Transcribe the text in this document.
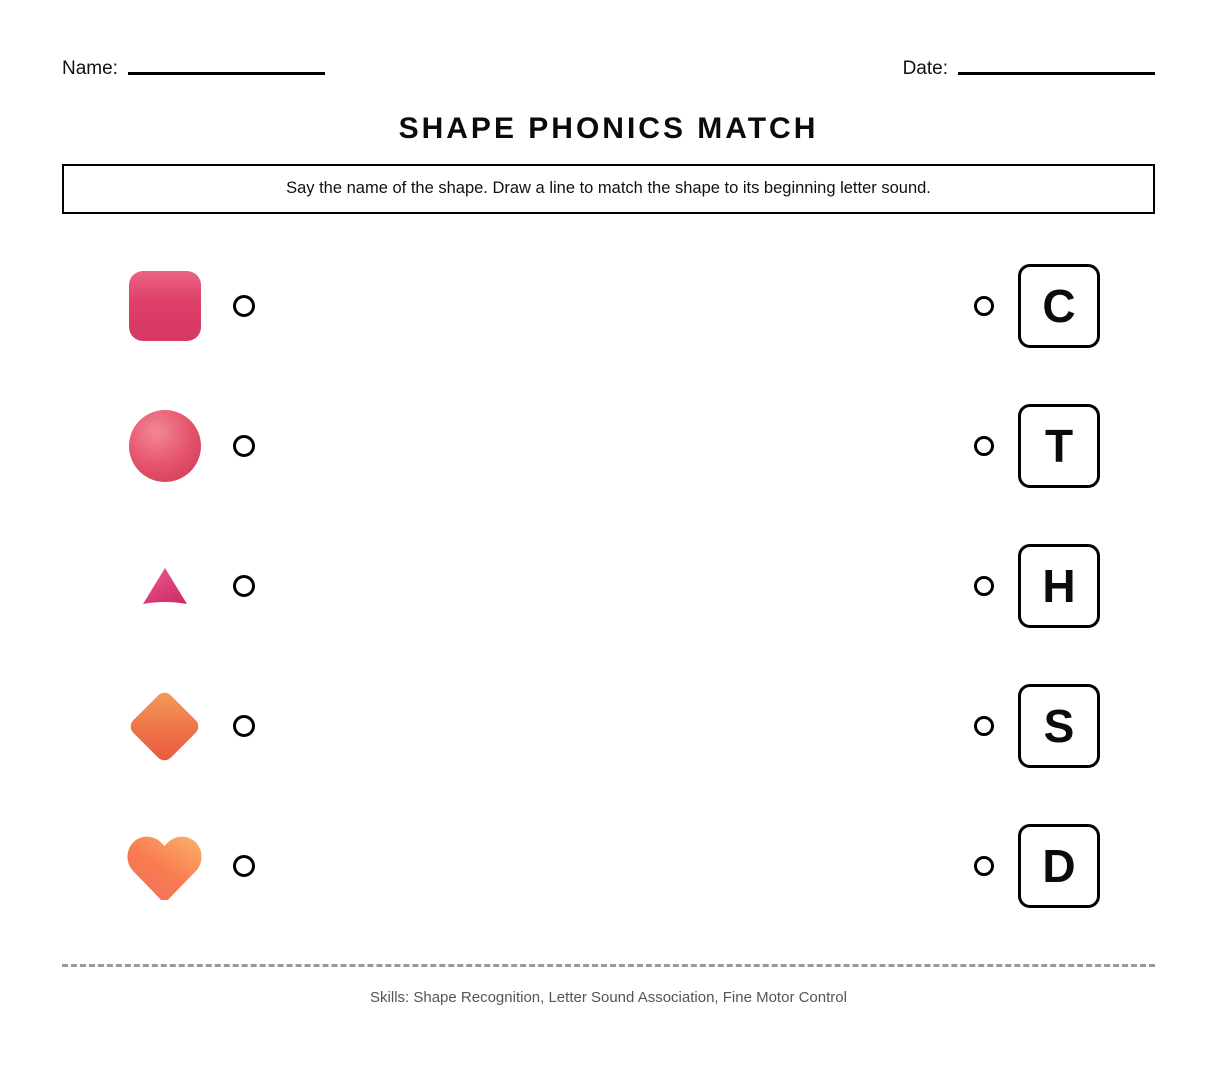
Name:	Date:
SHAPE PHONICS MATCH
Say the name of the shape. Draw a line to match the shape to its beginning letter sound.
C
T
H
S
D
Skills: Shape Recognition, Letter Sound Association, Fine Motor Control
